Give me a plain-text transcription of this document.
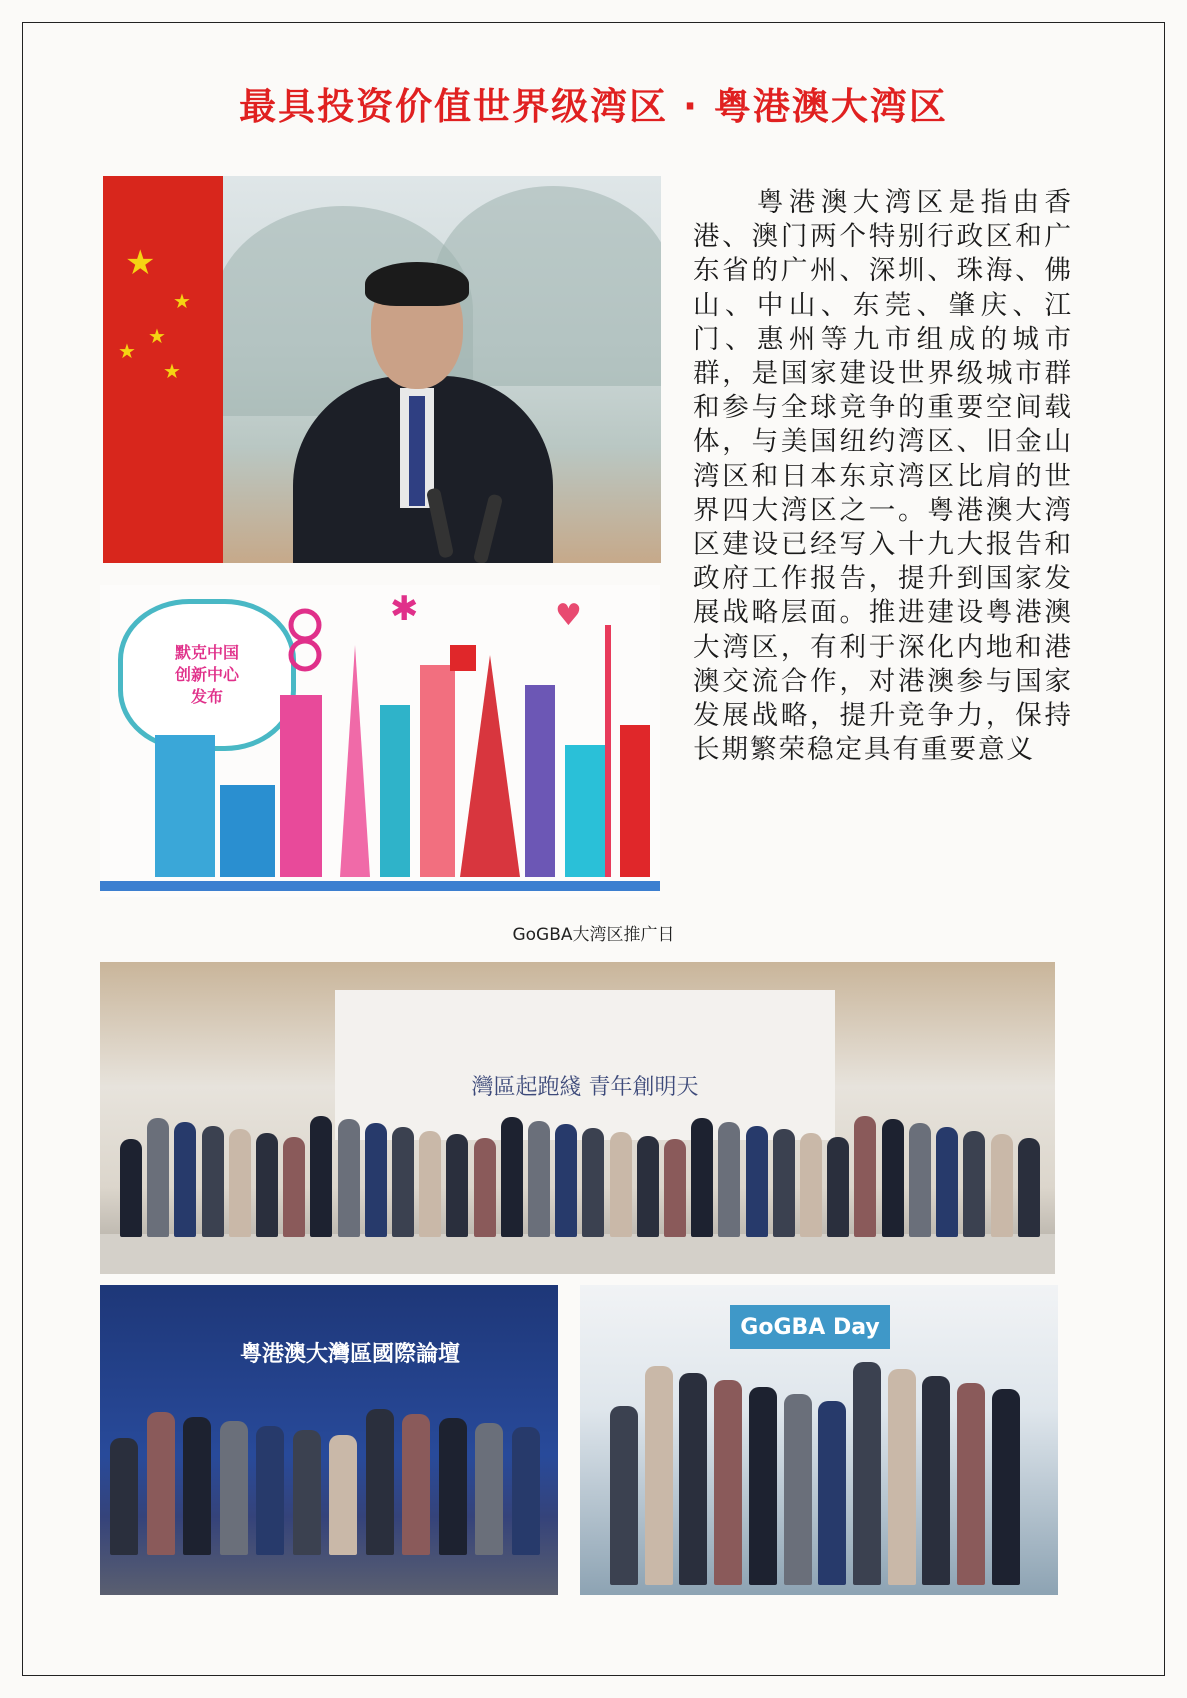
最具投资价值世界级湾区 · 粤港澳大湾区
★
★
★
★
★
默克中国
创新中心
发布
✱	♥
　　粤港澳大湾区是指由香港、澳门两个特别行政区和广东省的广州、深圳、珠海、佛山、中山、东莞、肇庆、江门、惠州等九市组成的城市群，是国家建设世界级城市群和参与全球竞争的重要空间载体，与美国纽约湾区、旧金山湾区和日本东京湾区比肩的世界四大湾区之一。粤港澳大湾区建设已经写入十九大报告和政府工作报告，提升到国家发展战略层面。推进建设粤港澳大湾区，有利于深化内地和港澳交流合作，对港澳参与国家发展战略，提升竞争力，保持长期繁荣稳定具有重要意义
GoGBA大湾区推广日
灣區起跑綫 青年創明天
粤港澳大灣區國際論壇
GoGBA Day
